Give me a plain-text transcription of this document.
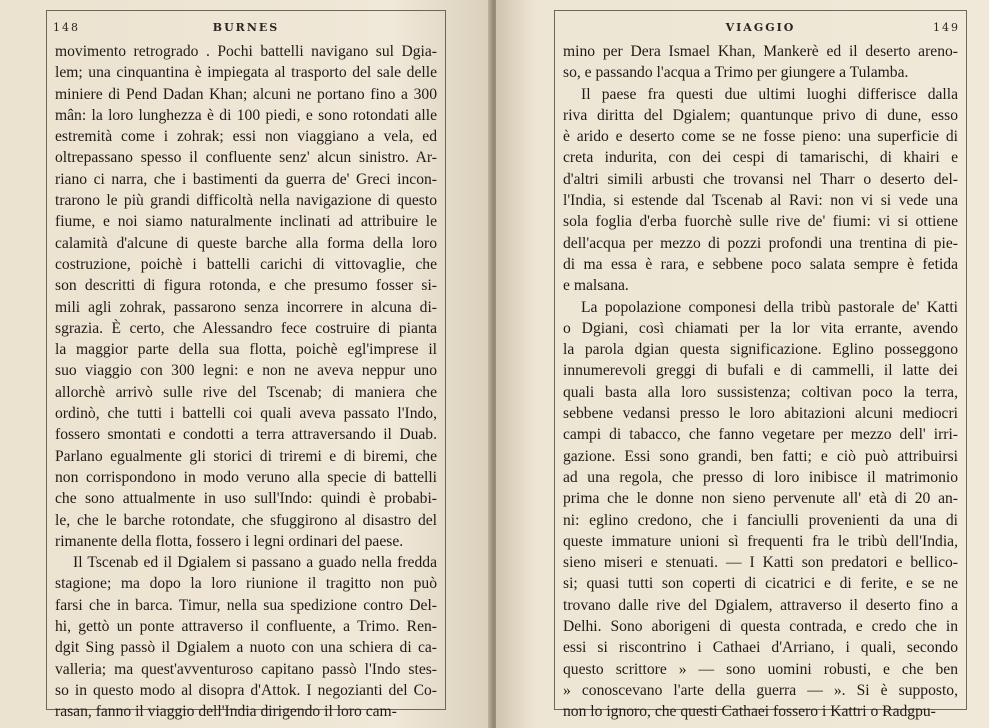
148	BURNES
movimento retrogrado . Pochi battelli navigano sul Dgia-
lem; una cinquantina è impiegata al trasporto del sale delle
miniere di Pend Dadan Khan; alcuni ne portano fino a 300
mân: la loro lunghezza è di 100 piedi, e sono rotondati alle
estremità come i zohrak; essi non viaggiano a vela, ed
oltrepassano spesso il confluente senz' alcun sinistro. Ar-
riano ci narra, che i bastimenti da guerra de' Greci incon-
trarono le più grandi difficoltà nella navigazione di questo
fiume, e noi siamo naturalmente inclinati ad attribuire le
calamità d'alcune di queste barche alla forma della loro
costruzione, poichè i battelli carichi di vittovaglie, che
son descritti di figura rotonda, e che presumo fosser si-
mili agli zohrak, passarono senza incorrere in alcuna di-
sgrazia. È certo, che Alessandro fece costruire di pianta
la maggior parte della sua flotta, poichè egl'imprese il
suo viaggio con 300 legni: e non ne aveva neppur uno
allorchè arrivò sulle rive del Tscenab; di maniera che
ordinò, che tutti i battelli coi quali aveva passato l'Indo,
fossero smontati e condotti a terra attraversando il Duab.
Parlano egualmente gli storici di triremi e di biremi, che
non corrispondono in modo veruno alla specie di battelli
che sono attualmente in uso sull'Indo: quindi è probabi-
le, che le barche rotondate, che sfuggirono al disastro del
rimanente della flotta, fossero i legni ordinari del paese.
Il Tscenab ed il Dgialem si passano a guado nella fredda
stagione; ma dopo la loro riunione il tragitto non può
farsi che in barca. Timur, nella sua spedizione contro Del-
hi, gettò un ponte attraverso il confluente, a Trimo. Ren-
dgit Sing passò il Dgialem a nuoto con una schiera di ca-
valleria; ma quest'avventuroso capitano passò l'Indo stes-
so in questo modo al disopra d'Attok. I negozianti del Co-
rasan, fanno il viaggio dell'India dirigendo il loro cam-
VIAGGIO	149
mino per Dera Ismael Khan, Mankerè ed il deserto areno-
so, e passando l'acqua a Trimo per giungere a Tulamba.
Il paese fra questi due ultimi luoghi differisce dalla
riva diritta del Dgialem; quantunque privo di dune, esso
è arido e deserto come se ne fosse pieno: una superficie di
creta indurita, con dei cespi di tamarischi, di khairi e
d'altri simili arbusti che trovansi nel Tharr o deserto del-
l'India, si estende dal Tscenab al Ravi: non vi si vede una
sola foglia d'erba fuorchè sulle rive de' fiumi: vi si ottiene
dell'acqua per mezzo di pozzi profondi una trentina di pie-
di ma essa è rara, e sebbene poco salata sempre è fetida
e malsana.
La popolazione componesi della tribù pastorale de' Katti
o Dgiani, così chiamati per la lor vita errante, avendo
la parola dgian questa significazione. Eglino posseggono
innumerevoli greggi di bufali e di cammelli, il latte dei
quali basta alla loro sussistenza; coltivan poco la terra,
sebbene vedansi presso le loro abitazioni alcuni mediocri
campi di tabacco, che fanno vegetare per mezzo dell' irri-
gazione. Essi sono grandi, ben fatti; e ciò può attribuirsi
ad una regola, che presso di loro inibisce il matrimonio
prima che le donne non sieno pervenute all' età di 20 an-
ni: eglino credono, che i fanciulli provenienti da una di
queste immature unioni sì frequenti fra le tribù dell'India,
sieno miseri e stenuati. — I Katti son predatori e bellico-
si; quasi tutti son coperti di cicatrici e di ferite, e se ne
trovano dalle rive del Dgialem, attraverso il deserto fino a
Delhi. Sono aborigeni di questa contrada, e credo che in
essi si riscontrino i Cathaei d'Arriano, i quali, secondo
questo scrittore » — sono uomini robusti, e che ben
» conoscevano l'arte della guerra — ». Si è supposto,
non lo ignoro, che questi Cathaei fossero i Kattri o Radgpu-
